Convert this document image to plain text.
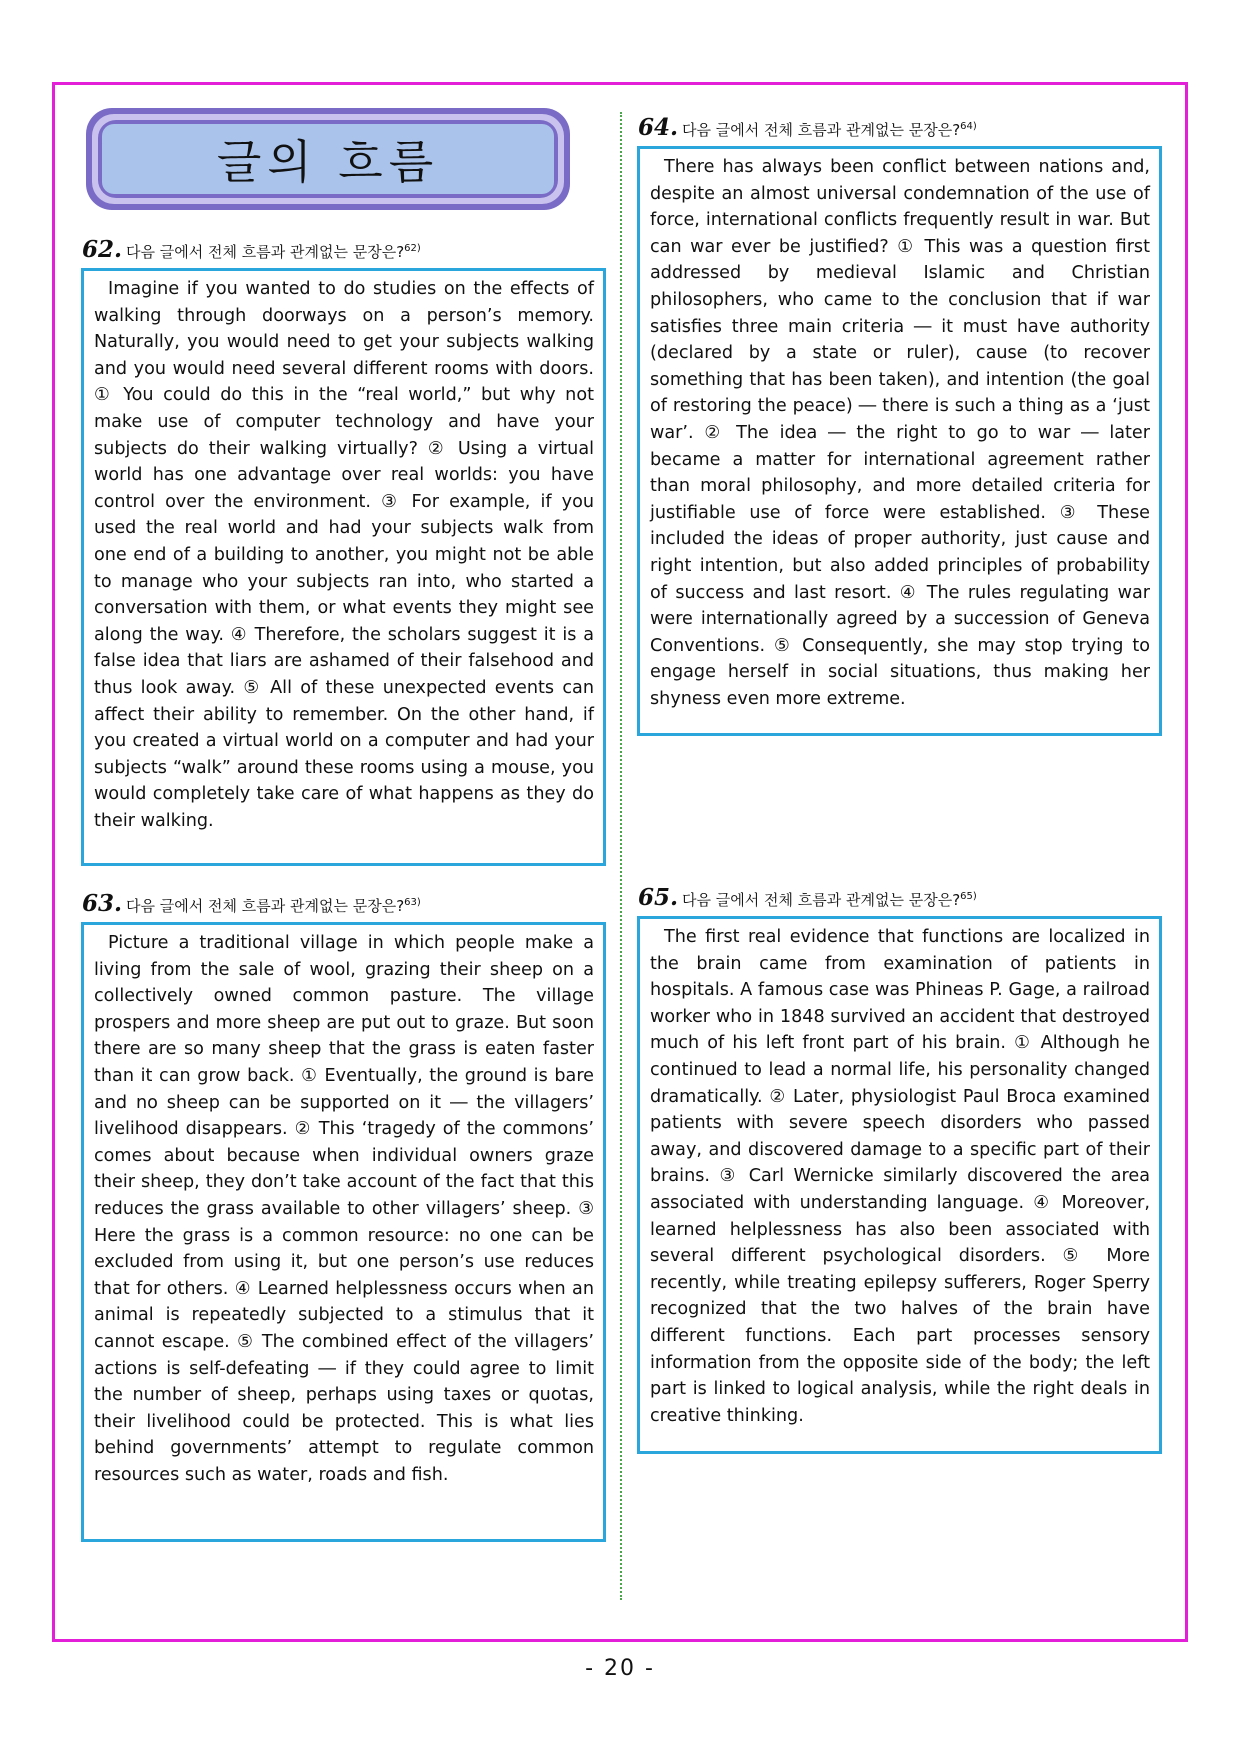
글의 흐름
62. 다음 글에서 전체 흐름과 관계없는 문장은?$^{62)}$
Imagine if you wanted to do studies on the effects of walking through doorways on a person’s memory. Naturally, you would need to get your subjects walking and you would need several different rooms with doors. ① You could do this in the “real world,” but why not make use of computer technology and have your subjects do their walking virtually? ② Using a virtual world has one advantage over real worlds: you have control over the environment. ③ For example, if you used the real world and had your subjects walk from one end of a building to another, you might not be able to manage who your subjects ran into, who started a conversation with them, or what events they might see along the way. ④ Therefore, the scholars suggest it is a false idea that liars are ashamed of their falsehood and thus look away. ⑤ All of these unexpected events can affect their ability to remember. On the other hand, if you created a virtual world on a computer and had your subjects “walk” around these rooms using a mouse, you would completely take care of what happens as they do their walking.
63. 다음 글에서 전체 흐름과 관계없는 문장은?$^{63)}$
Picture a traditional village in which people make a living from the sale of wool, grazing their sheep on a collectively owned common pasture. The village prospers and more sheep are put out to graze. But soon there are so many sheep that the grass is eaten faster than it can grow back. ① Eventually, the ground is bare and no sheep can be supported on it ― the villagers’ livelihood disappears. ② This ‘tragedy of the commons’ comes about because when individual owners graze their sheep, they don’t take account of the fact that this reduces the grass available to other villagers’ sheep. ③ Here the grass is a common resource: no one can be excluded from using it, but one person’s use reduces that for others. ④ Learned helplessness occurs when an animal is repeatedly subjected to a stimulus that it cannot escape. ⑤ The combined effect of the villagers’ actions is self-defeating ― if they could agree to limit the number of sheep, perhaps using taxes or quotas, their livelihood could be protected. This is what lies behind governments’ attempt to regulate common resources such as water, roads and fish.
64. 다음 글에서 전체 흐름과 관계없는 문장은?$^{64)}$
There has always been conflict between nations and, despite an almost universal condemnation of the use of force, international conflicts frequently result in war. But can war ever be justified? ① This was a question first addressed by medieval Islamic and Christian philosophers, who came to the conclusion that if war satisfies three main criteria ― it must have authority (declared by a state or ruler), cause (to recover something that has been taken), and intention (the goal of restoring the peace) ― there is such a thing as a ‘just war’. ② The idea ― the right to go to war ― later became a matter for international agreement rather than moral philosophy, and more detailed criteria for justifiable use of force were established. ③ These included the ideas of proper authority, just cause and right intention, but also added principles of probability of success and last resort. ④ The rules regulating war were internationally agreed by a succession of Geneva Conventions. ⑤ Consequently, she may stop trying to engage herself in social situations, thus making her shyness even more extreme.
65. 다음 글에서 전체 흐름과 관계없는 문장은?$^{65)}$
The first real evidence that functions are localized in the brain came from examination of patients in hospitals. A famous case was Phineas P. Gage, a railroad worker who in 1848 survived an accident that destroyed much of his left front part of his brain. ① Although he continued to lead a normal life, his personality changed dramatically. ② Later, physiologist Paul Broca examined patients with severe speech disorders who passed away, and discovered damage to a specific part of their brains. ③ Carl Wernicke similarly discovered the area associated with understanding language. ④ Moreover, learned helplessness has also been associated with several different psychological disorders. ⑤ More recently, while treating epilepsy sufferers, Roger Sperry recognized that the two halves of the brain have different functions. Each part processes sensory information from the opposite side of the body; the left part is linked to logical analysis, while the right deals in creative thinking.
- 20 -
